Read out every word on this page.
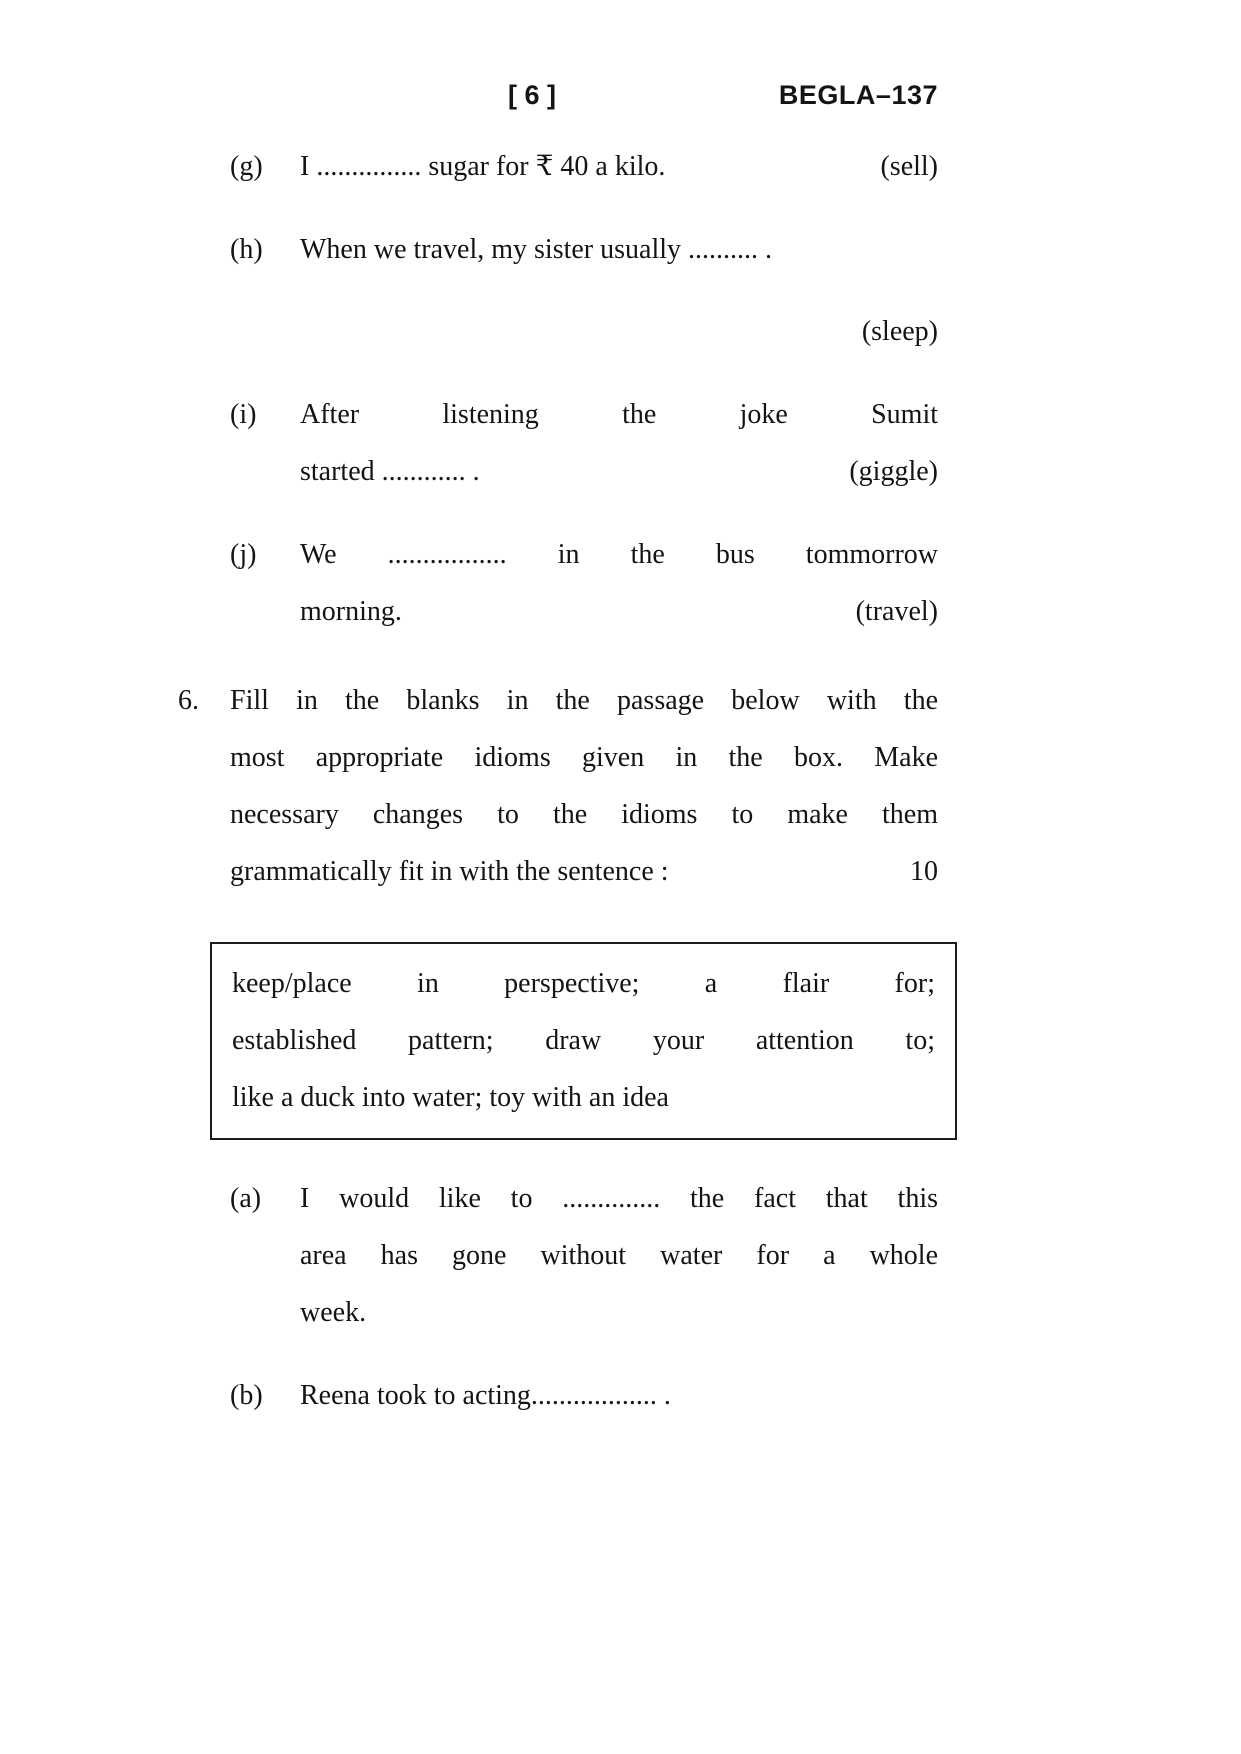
[ 6 ]	BEGLA–137
(g)	I ............... sugar for ₹ 40 a kilo.	(sell)
(h)	When we travel, my sister usually .......... .
(sleep)
(i)	After listening the joke Sumit
started ............ .	(giggle)
(j)	We ................. in the bus tommorrow
morning.	(travel)
6.	Fill in the blanks in the passage below with the
most appropriate idioms given in the box. Make
necessary changes to the idioms to make them
grammatically fit in with the sentence :	10
keep/place in perspective; a flair for;
established pattern; draw your attention to;
like a duck into water; toy with an idea
(a)	I would like to .............. the fact that this
area has gone without water for a whole
week.
(b)	Reena took to acting.................. .
